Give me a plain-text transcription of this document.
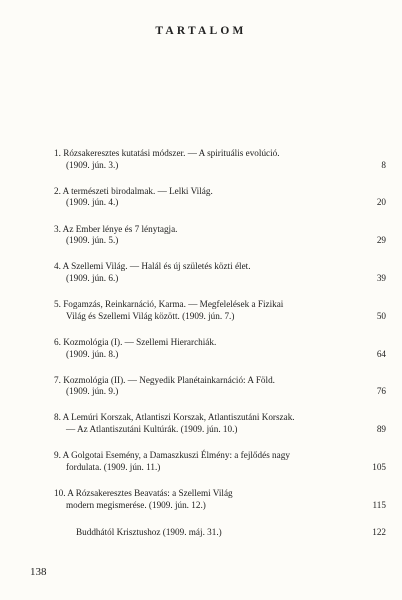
TARTALOM
1. Rózsakeresztes kutatási módszer. — A spirituális evolúció.
(1909. jún. 3.)	8
2. A természeti birodalmak. — Lelki Világ.
(1909. jún. 4.)	20
3. Az Ember lénye és 7 lénytagja.
(1909. jún. 5.)	29
4. A Szellemi Világ. — Halál és új születés közti élet.
(1909. jún. 6.)	39
5. Fogamzás, Reinkarnáció, Karma. — Megfelelések a Fizikai
Világ és Szellemi Világ között. (1909. jún. 7.)	50
6. Kozmológia (I). — Szellemi Hierarchiák.
(1909. jún. 8.)	64
7. Kozmológia (II). — Negyedik Planétainkarnáció: A Föld.
(1909. jún. 9.)	76
8. A Lemúri Korszak, Atlantiszi Korszak, Atlantiszutáni Korszak.
— Az Atlantiszutáni Kultúrák. (1909. jún. 10.)	89
9. A Golgotai Esemény, a Damaszkuszi Élmény: a fejlődés nagy
fordulata. (1909. jún. 11.)	105
10. A Rózsakeresztes Beavatás: a Szellemi Világ
modern megismerése. (1909. jún. 12.)	115
Buddhától Krisztushoz (1909. máj. 31.)	122
138
